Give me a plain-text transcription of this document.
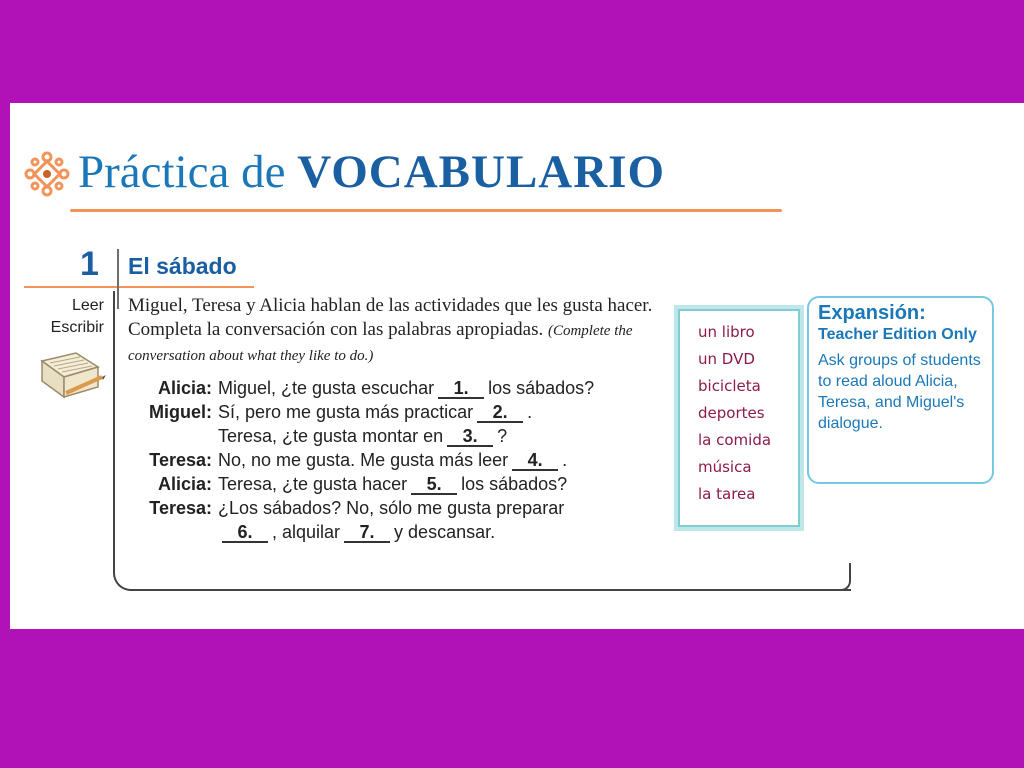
Práctica de VOCABULARIO
1 El sábado
Leer
Escribir
Miguel, Teresa y Alicia hablan de las actividades que les gusta hacer. Completa la conversación con las palabras apropiadas. (Complete the conversation about what they like to do.)
Alicia: Miguel, ¿te gusta escuchar 1. los sábados?
Miguel: Sí, pero me gusta más practicar 2. .
Teresa, ¿te gusta montar en 3. ?
Teresa: No, no me gusta. Me gusta más leer 4. .
Alicia: Teresa, ¿te gusta hacer 5. los sábados?
Teresa: ¿Los sábados? No, sólo me gusta preparar
6. , alquilar 7. y descansar.
un libro
un DVD
bicicleta
deportes
la comida
música
la tarea
Expansión:
Teacher Edition Only
Ask groups of students to read aloud Alicia, Teresa, and Miguel's dialogue.
